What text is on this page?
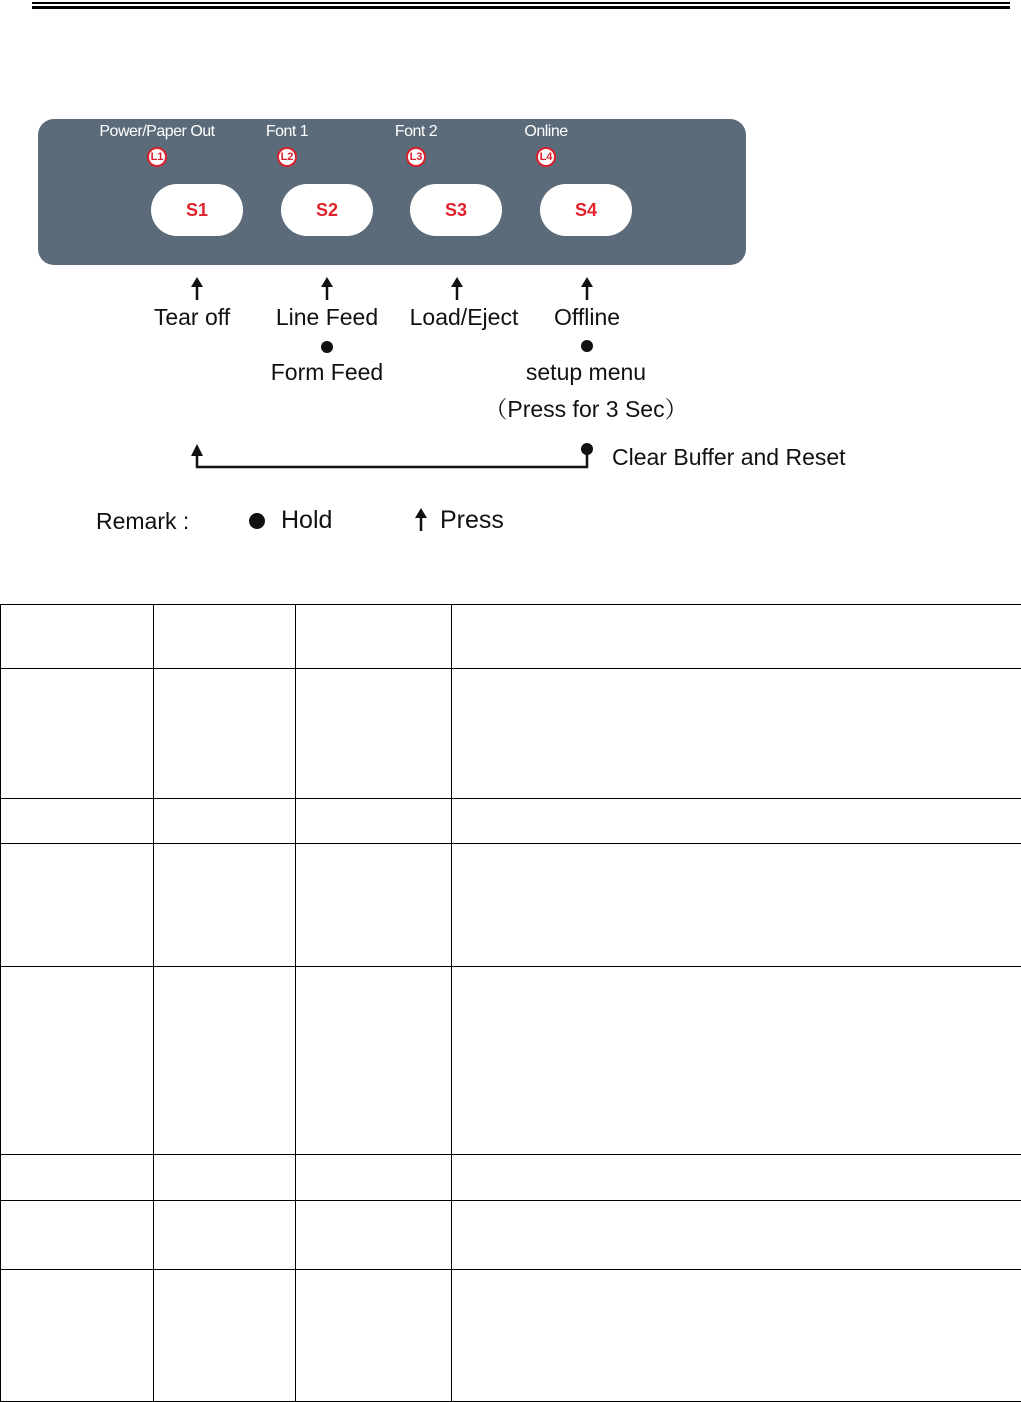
Power/Paper Out	Font 1	Font 2	Online
L1	L2	L3	L4
S1	S2	S3	S4
Tear off	Line Feed	Load/Eject	Offline
Form Feed	setup menu
（Press for 3 Sec）
Clear Buffer and Reset
Remark :	Hold	Press
